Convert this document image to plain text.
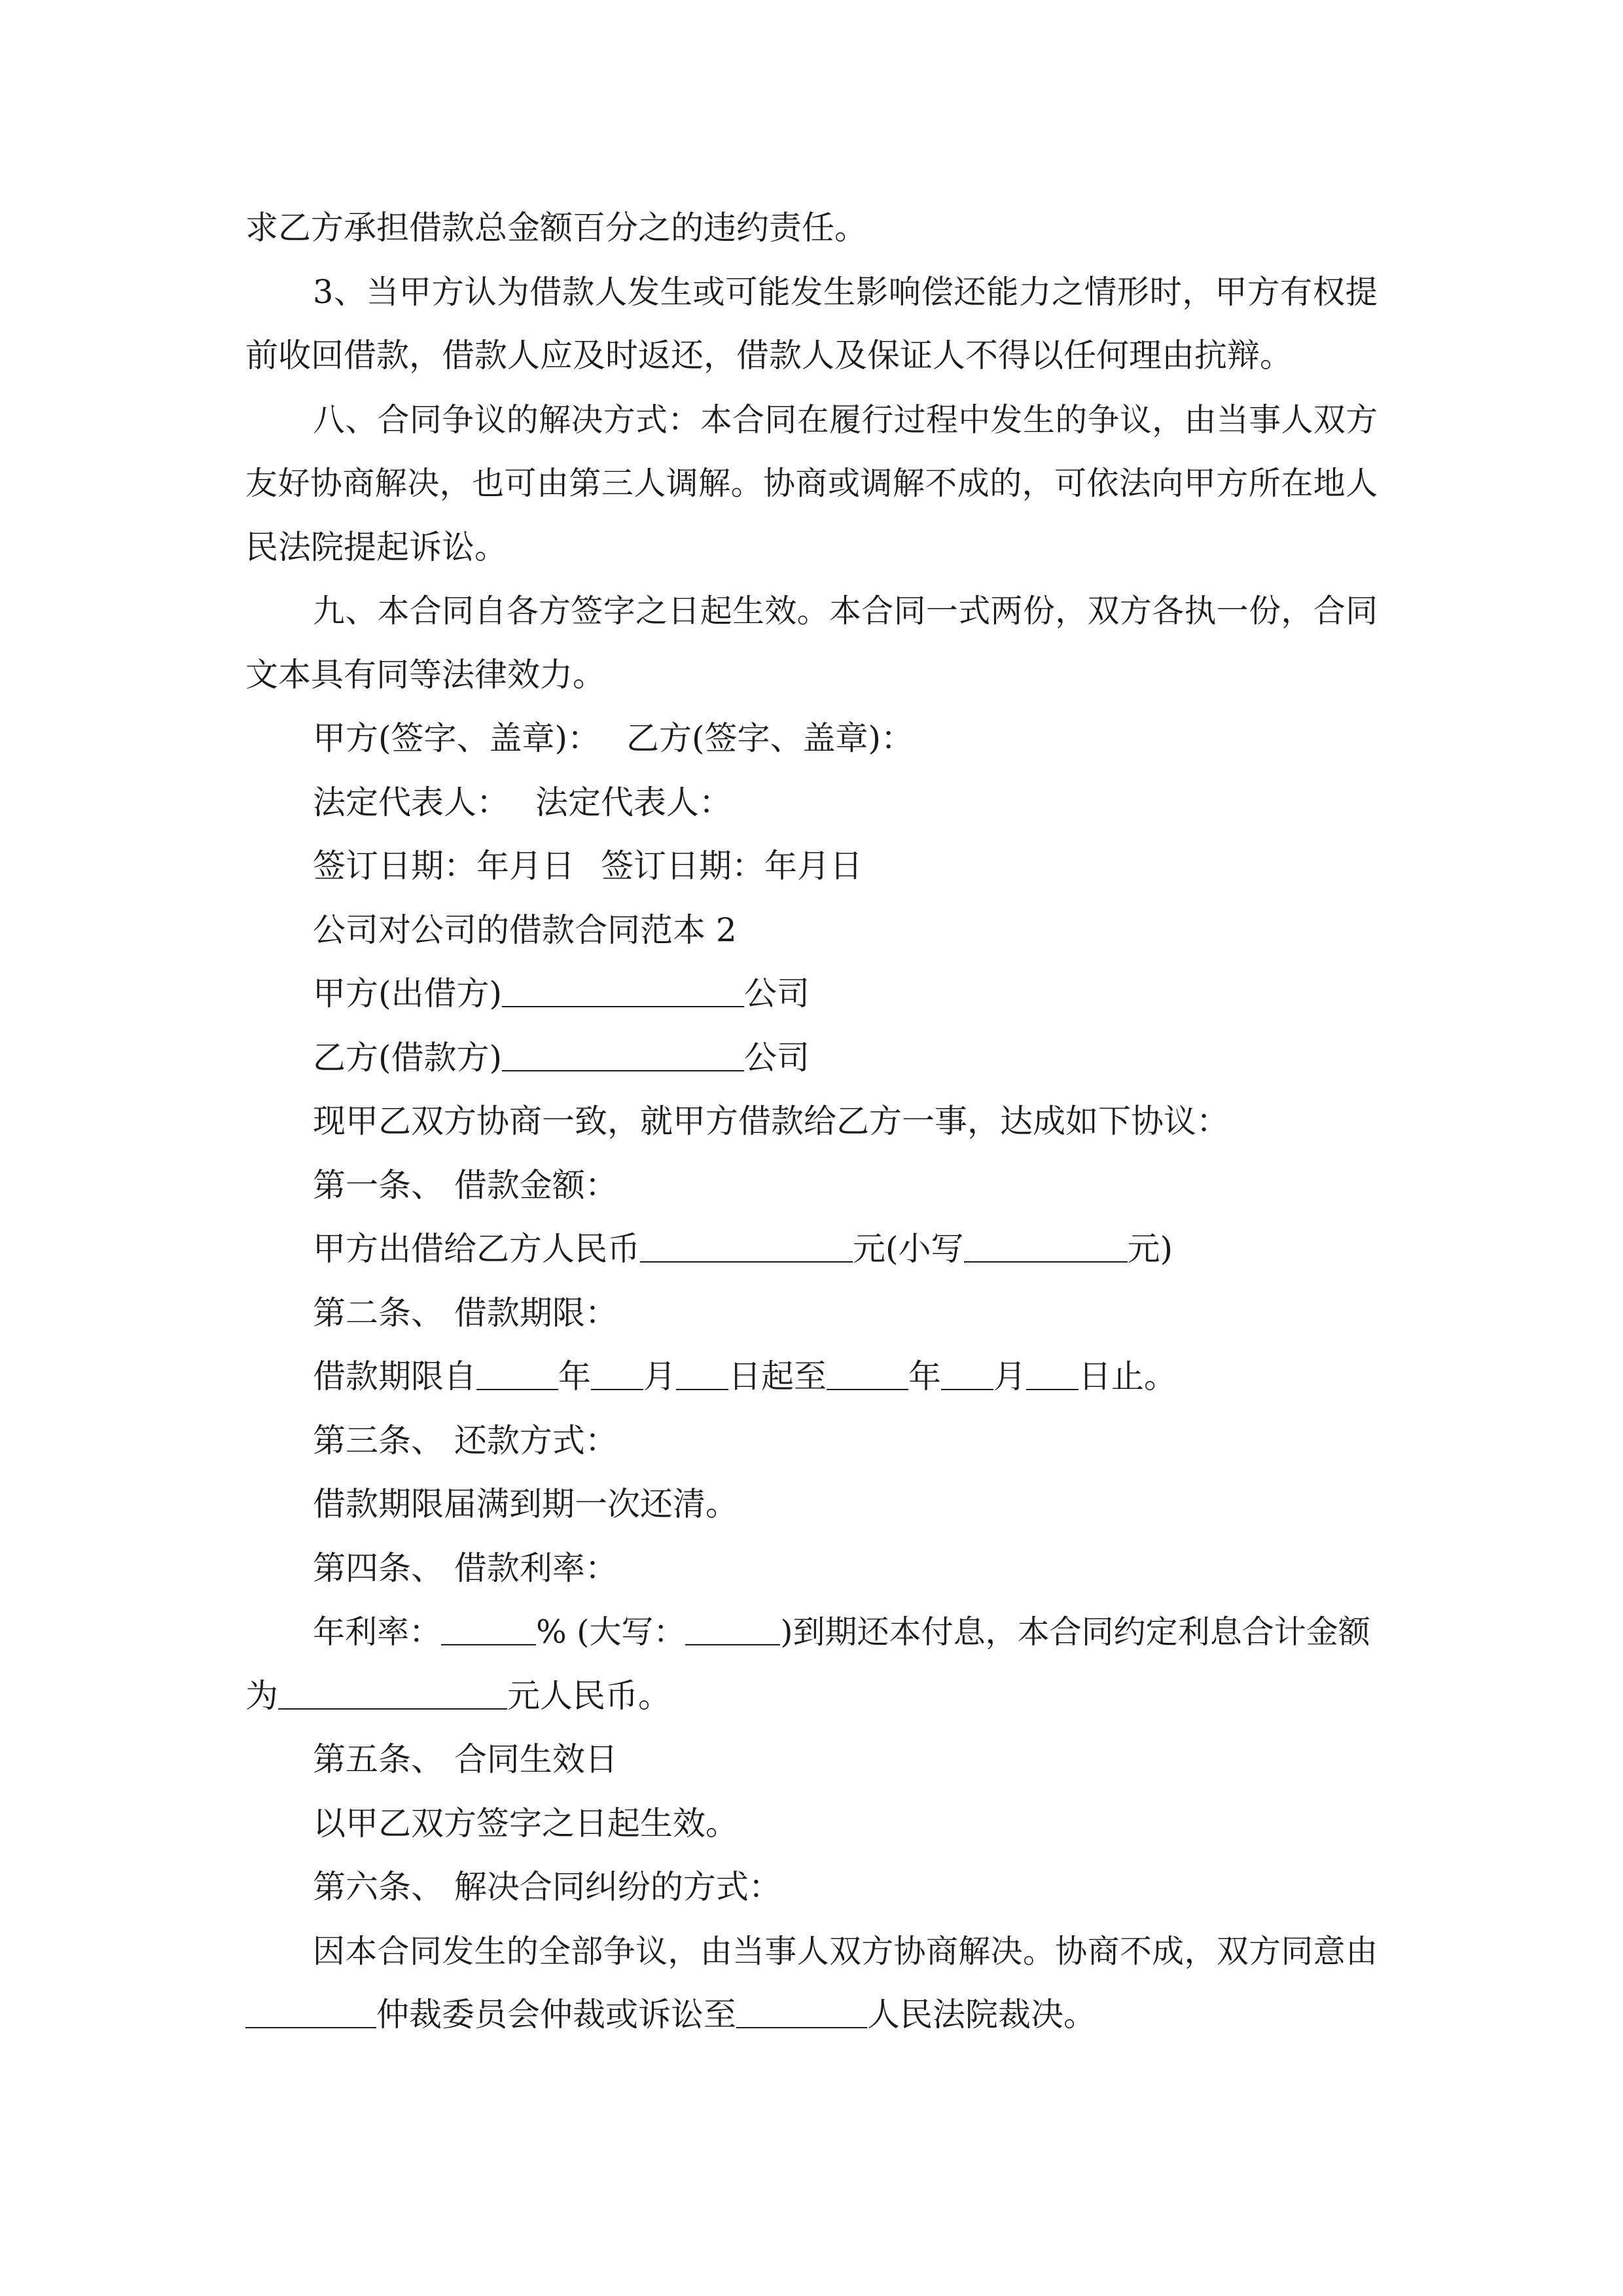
求乙方承担借款总金额百分之的违约责任。
3、当甲方认为借款人发生或可能发生影响偿还能力之情形时，甲方有权提
前收回借款，借款人应及时返还，借款人及保证人不得以任何理由抗辩。
八、合同争议的解决方式：本合同在履行过程中发生的争议，由当事人双方
友好协商解决，也可由第三人调解。协商或调解不成的，可依法向甲方所在地人
民法院提起诉讼。
九、本合同自各方签字之日起生效。本合同一式两份，双方各执一份，合同
文本具有同等法律效力。
甲方(签字、盖章)： 乙方(签字、盖章)：
法定代表人： 法定代表人：
签订日期：年月日 签订日期：年月日
公司对公司的借款合同范本 2
甲方(出借方)	公司
乙方(借款方)	公司
现甲乙双方协商一致，就甲方借款给乙方一事，达成如下协议：
第一条、 借款金额：
甲方出借给乙方人民币	元(小写	元)
第二条、 借款期限：
借款期限自	年 月 日起至	年 月 日止。
第三条、 还款方式：
借款期限届满到期一次还清。
第四条、 借款利率：
年利率：	% (大写：	)到期还本付息，本合同约定利息合计金额
为	元人民币。
第五条、 合同生效日
以甲乙双方签字之日起生效。
第六条、 解决合同纠纷的方式：
因本合同发生的全部争议，由当事人双方协商解决。协商不成，双方同意由
仲裁委员会仲裁或诉讼至	人民法院裁决。
